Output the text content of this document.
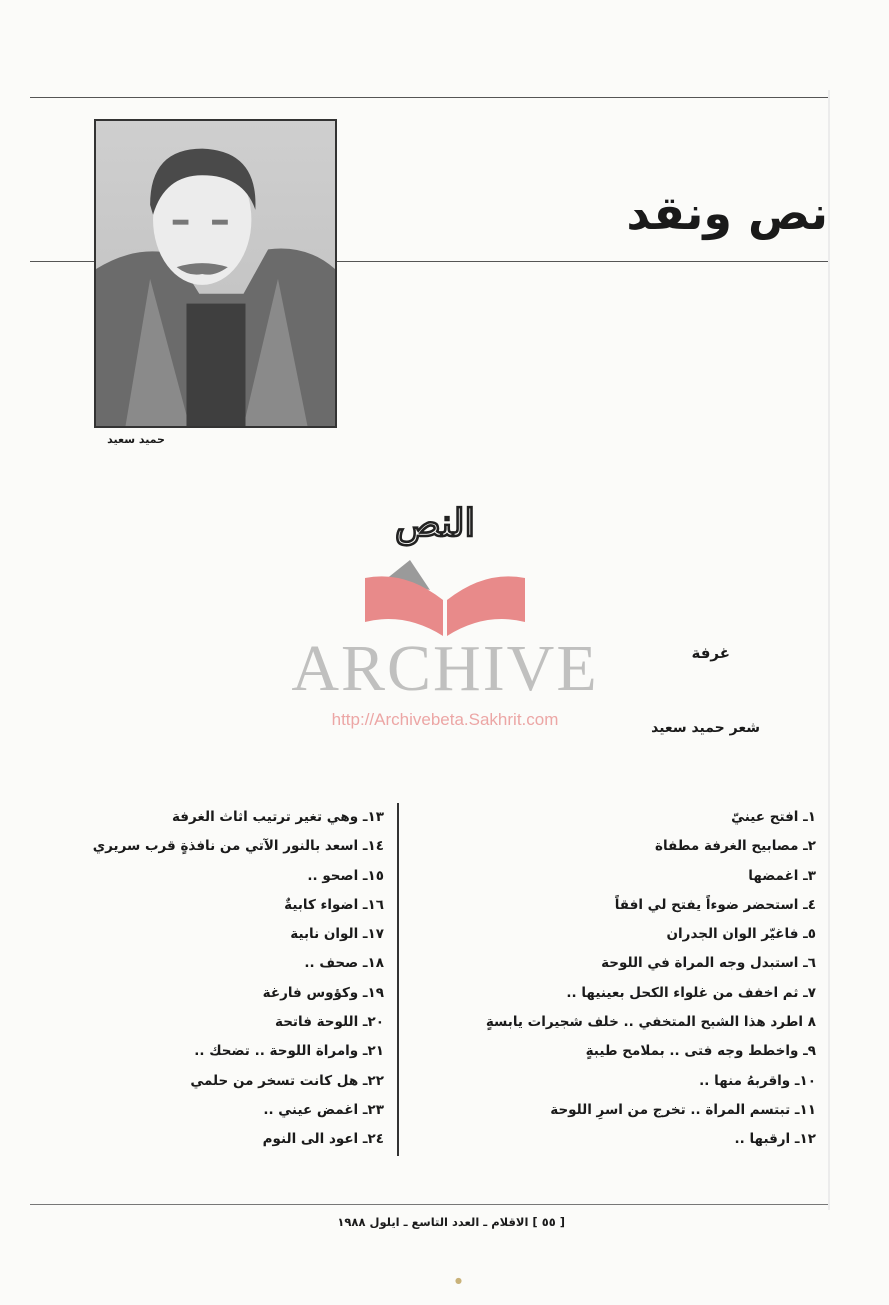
حميد سعيد
نص ونقد
النص
ARCHIVE
http://Archivebeta.Sakhrit.com
غرفة
شعر حميد سعيد
١ـ افتح عينيّ
٢ـ مصابيح الغرفة مطفاة
٣ـ اغمضها
٤ـ استحضر ضوءاً يفتح لي افقاً
٥ـ فاغيّر الوان الجدران
٦ـ استبدل وجه المراة في اللوحة
٧ـ ثم اخفف من غلواء الكحل بعينيها ..
٨ اطرد هذا الشبح المتخفي .. خلف شجيرات يابسةٍ
٩ـ واخطط وجه فتى .. بملامح طيبةٍ
١٠ـ واقربهُ منها ..
١١ـ تبتسم المراة .. تخرج من اسرِ اللوحة
١٢ـ ارقبها ..
١٣ـ وهي تغير ترتيب اثاث الغرفة
١٤ـ اسعد بالنور الآتي من نافذةٍ قرب سريري
١٥ـ اصحو ..
١٦ـ اضواء كابيةٌ
١٧ـ الوان نابية
١٨ـ صحف ..
١٩ـ وكؤوس فارغة
٢٠ـ اللوحة فاتحة
٢١ـ وامراة اللوحة .. تضحك ..
٢٢ـ هل كانت تسخر من حلمي
٢٣ـ اغمض عيني ..
٢٤ـ اعود الى النوم
[ ٥٥ ] الاقلام ـ العدد التاسع ـ ايلول ١٩٨٨
●
